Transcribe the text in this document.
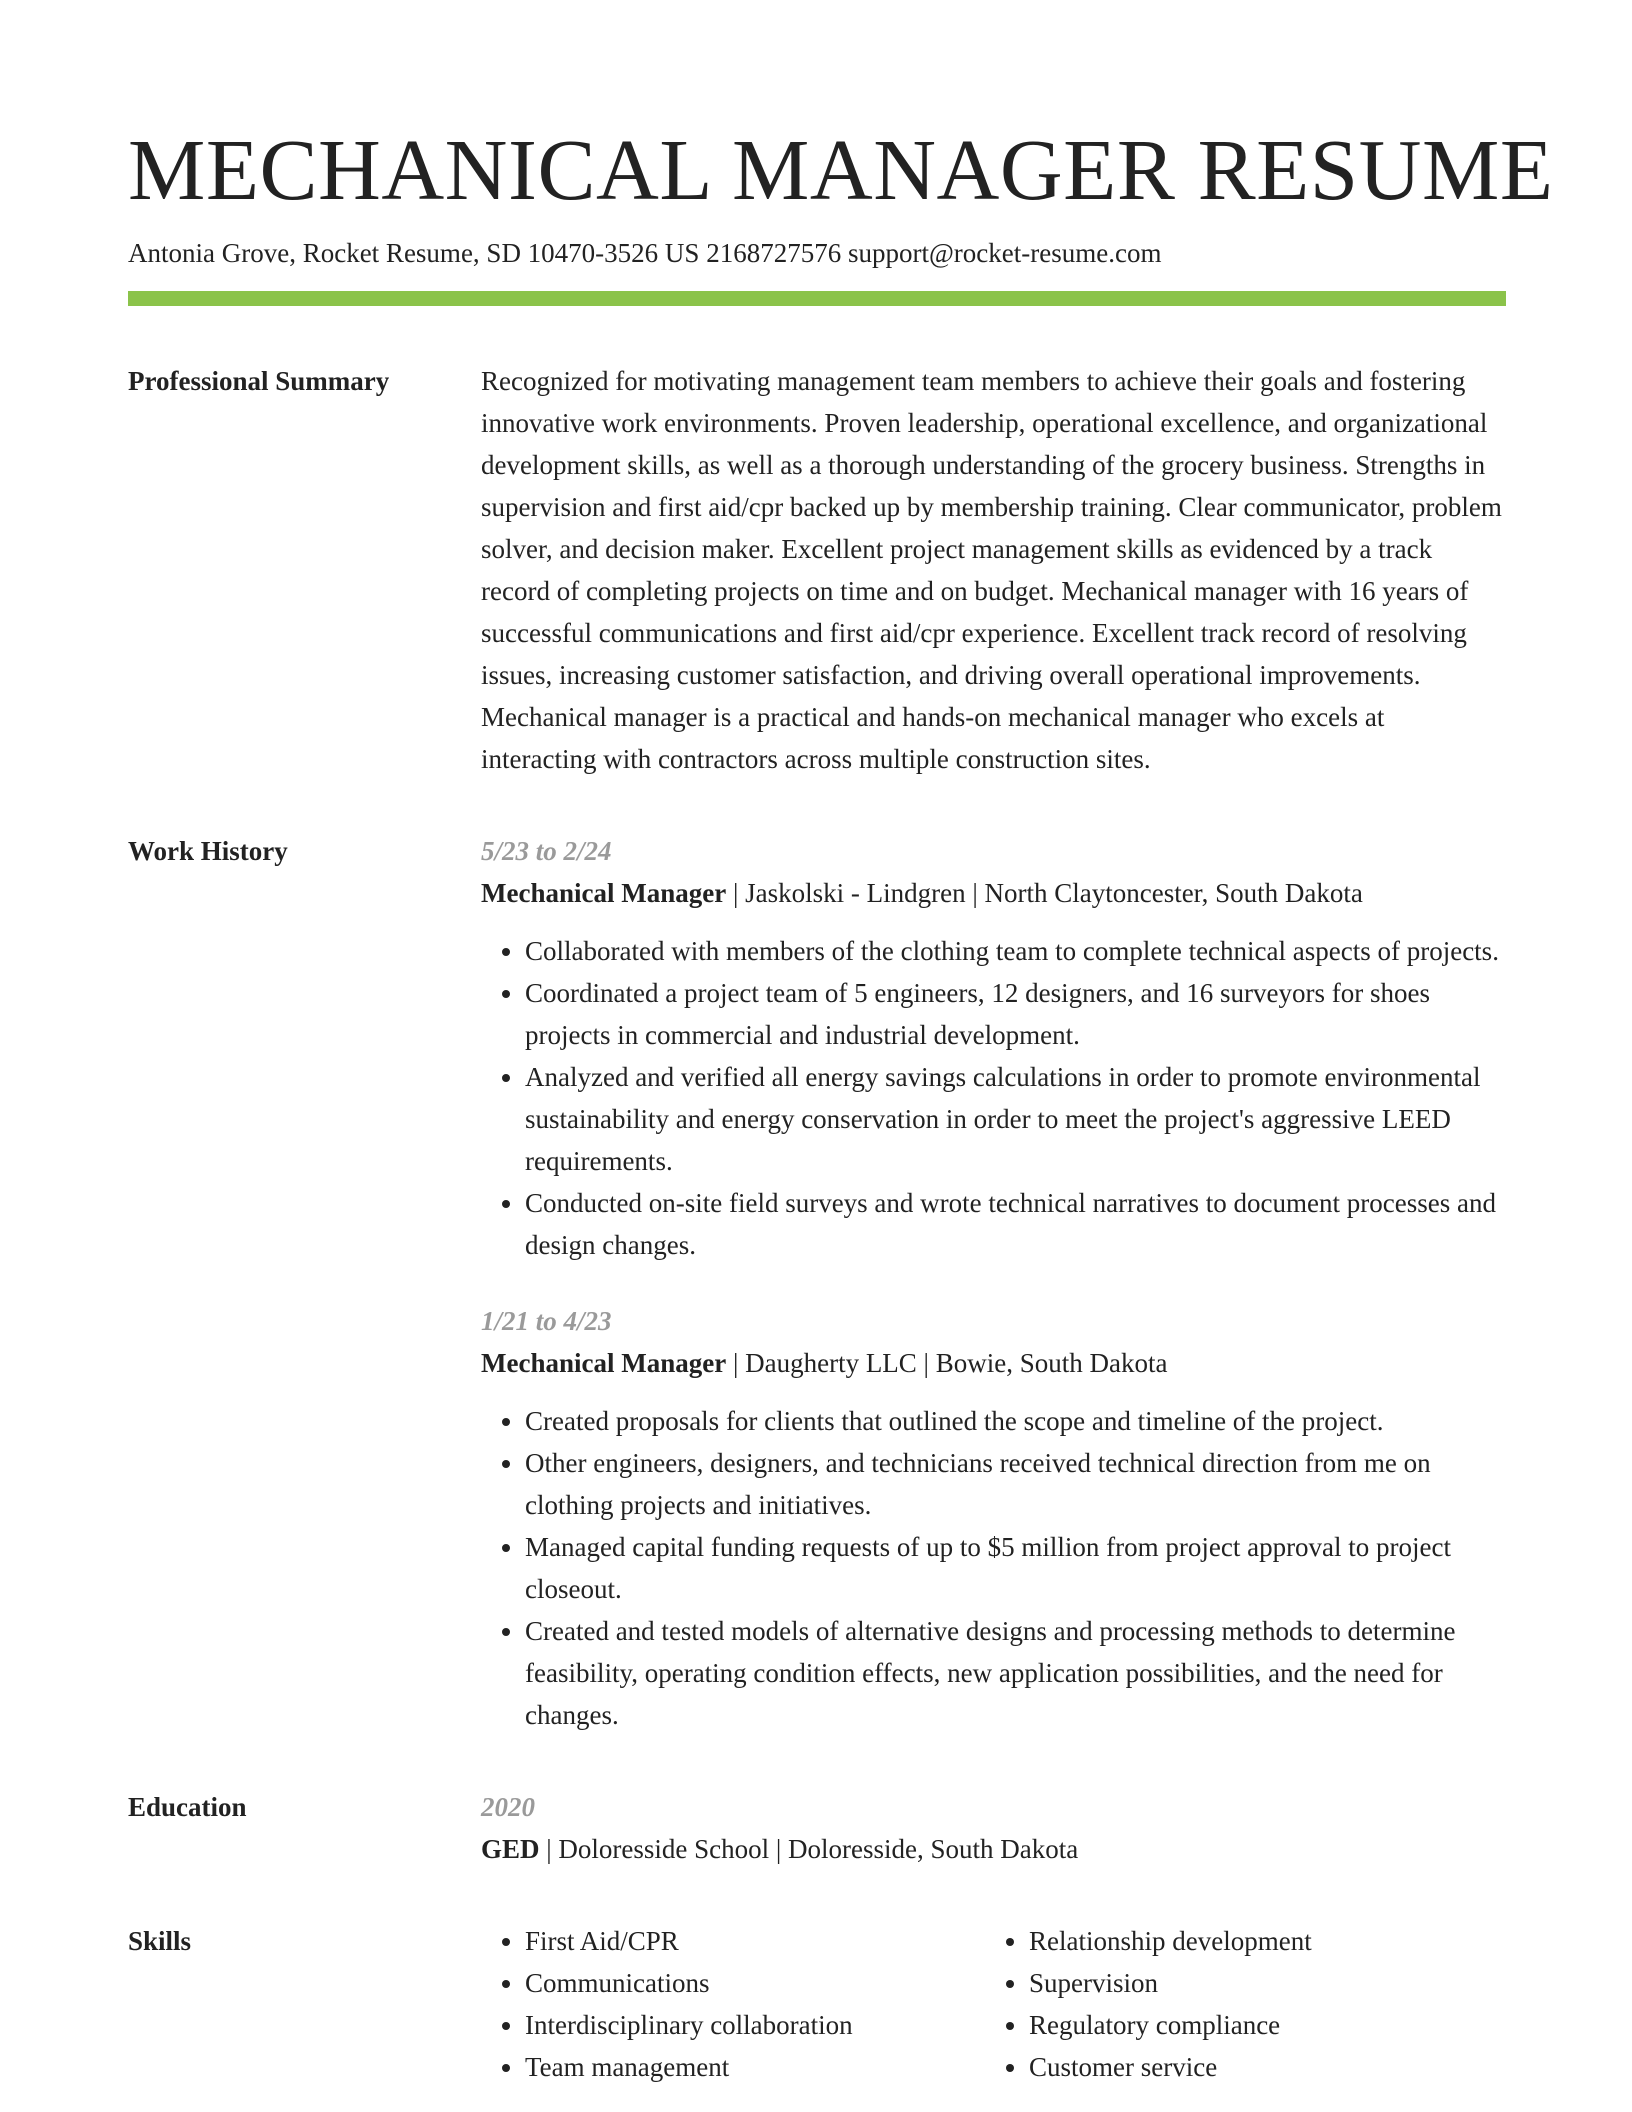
MECHANICAL MANAGER RESUME
Antonia Grove, Rocket Resume, SD 10470-3526 US 2168727576 support@rocket-resume.com
Professional Summary	Recognized for motivating management team members to achieve their goals and fostering innovative work environments. Proven leadership, operational excellence, and organizational development skills, as well as a thorough understanding of the grocery business. Strengths in supervision and first aid/cpr backed up by membership training. Clear communicator, problem solver, and decision maker. Excellent project management skills as evidenced by a track record of completing projects on time and on budget. Mechanical manager with 16 years of successful communications and first aid/cpr experience. Excellent track record of resolving issues, increasing customer satisfaction, and driving overall operational improvements. Mechanical manager is a practical and hands-on mechanical manager who excels at interacting with contractors across multiple construction sites.

Work History	5/23 to 2/24
Mechanical Manager | Jaskolski - Lindgren | North Claytoncester, South Dakota
• Collaborated with members of the clothing team to complete technical aspects of projects.
• Coordinated a project team of 5 engineers, 12 designers, and 16 surveyors for shoes projects in commercial and industrial development.
• Analyzed and verified all energy savings calculations in order to promote environmental sustainability and energy conservation in order to meet the project's aggressive LEED requirements.
• Conducted on-site field surveys and wrote technical narratives to document processes and design changes.
1/21 to 4/23
Mechanical Manager | Daugherty LLC | Bowie, South Dakota
• Created proposals for clients that outlined the scope and timeline of the project.
• Other engineers, designers, and technicians received technical direction from me on clothing projects and initiatives.
• Managed capital funding requests of up to $5 million from project approval to project closeout.
• Created and tested models of alternative designs and processing methods to determine feasibility, operating condition effects, new application possibilities, and the need for changes.
Education	2020
GED | Doloresside School | Doloresside, South Dakota
Skills
•	First Aid/CPR
• Communications
• Interdisciplinary collaboration
• Team management
• Relationship development
• Supervision
• Regulatory compliance
• Customer service
